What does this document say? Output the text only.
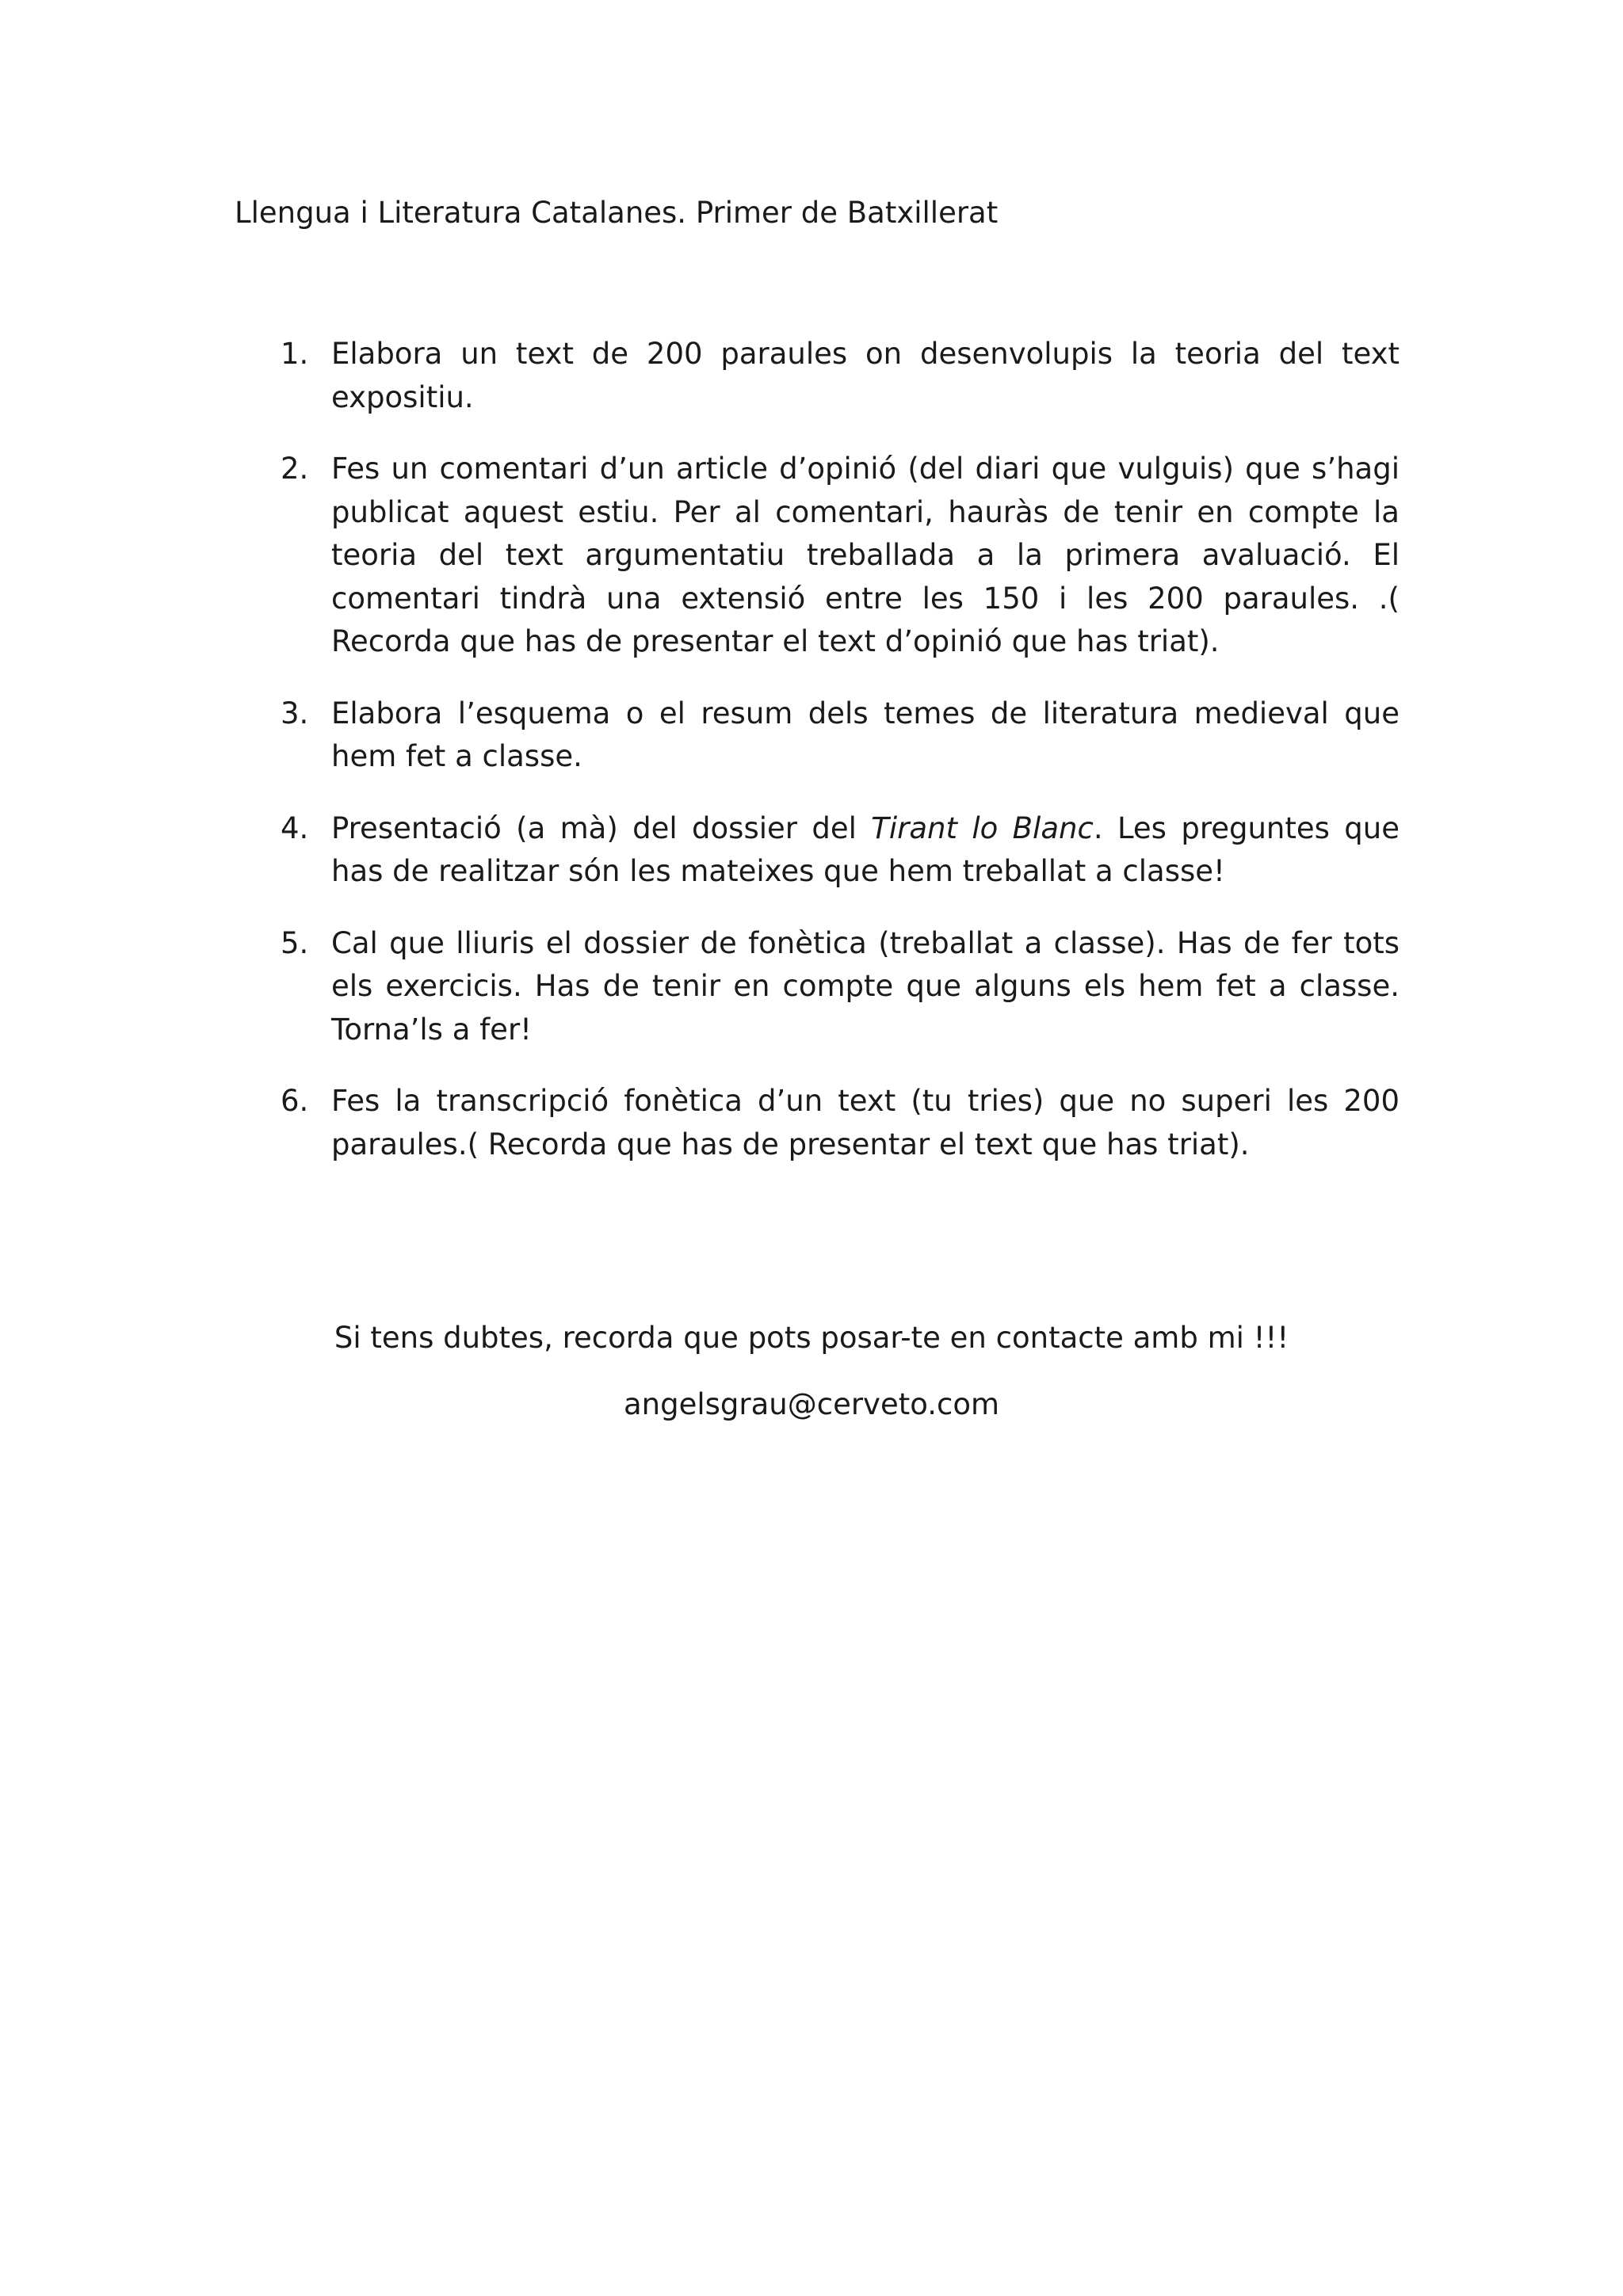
Llengua i Literatura Catalanes. Primer de Batxillerat
1. Elabora un text de 200 paraules on desenvolupis la teoria del text expositiu.
2. Fes un comentari d’un article d’opinió (del diari que vulguis) que s’hagi publicat aquest estiu. Per al comentari, hauràs de tenir en compte la teoria del text argumentatiu treballada a la primera avaluació. El comentari tindrà una extensió entre les 150 i les 200 paraules. .( Recorda que has de presentar el text d’opinió que has triat).
3. Elabora l’esquema o el resum dels temes de literatura medieval que hem fet a classe.
4. Presentació (a mà) del dossier del Tirant lo Blanc. Les preguntes que has de realitzar són les mateixes que hem treballat a classe!
5. Cal que lliuris el dossier de fonètica (treballat a classe). Has de fer tots els exercicis. Has de tenir en compte que alguns els hem fet a classe. Torna’ls a fer!
6. Fes la transcripció fonètica d’un text (tu tries) que no superi les 200 paraules.( Recorda que has de presentar el text que has triat).
Si tens dubtes, recorda que pots posar-te en contacte amb mi !!!
angelsgrau@cerveto.com
